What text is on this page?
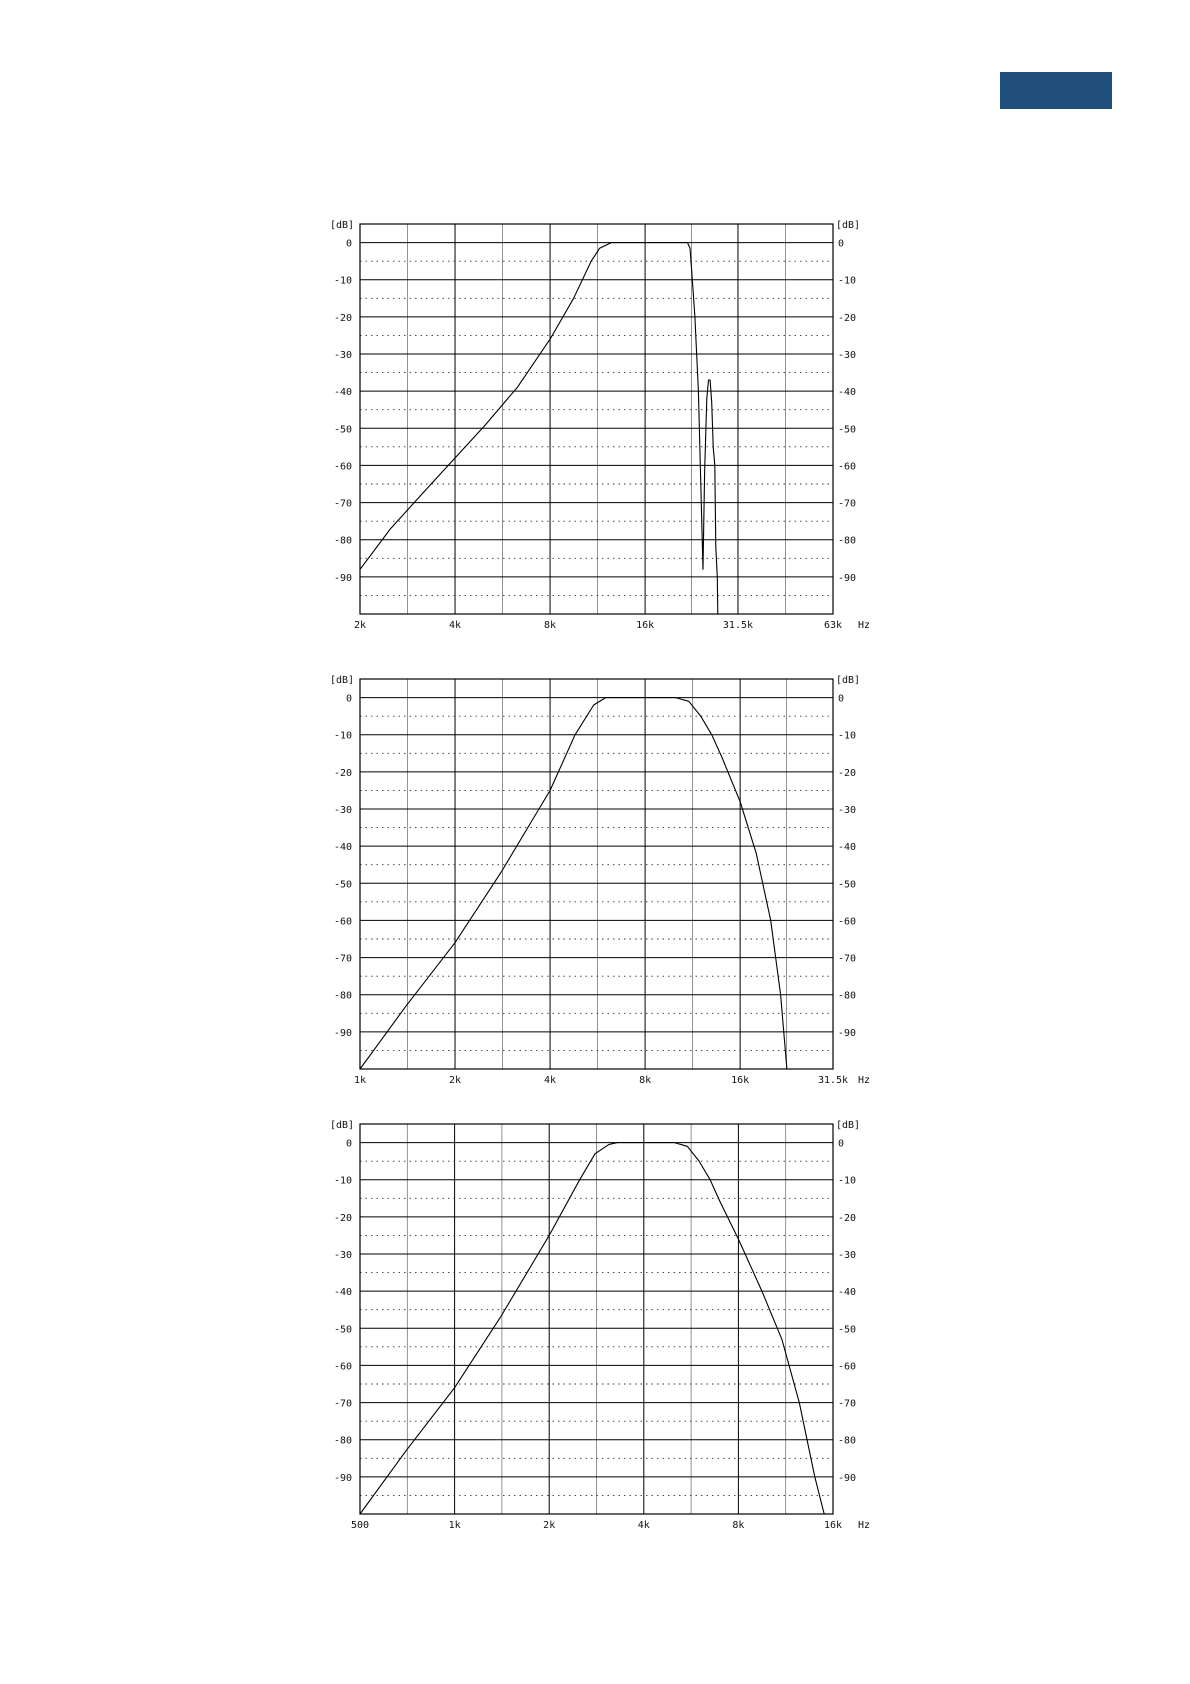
0	0
-10	-10
-20	-20
-30	-30
-40	-40
-50	-50
-60	-60
-70	-70
-80	-80
-90	-90
[dB]	[dB]
2k	4k	8k	16k	31.5k	63k Hz
0	0
-10	-10
-20	-20
-30	-30
-40	-40
-50	-50
-60	-60
-70	-70
-80	-80
-90	-90
[dB]	[dB]
1k	2k	4k	8k	16k	31.5k Hz
0	0
-10	-10
-20	-20
-30	-30
-40	-40
-50	-50
-60	-60
-70	-70
-80	-80
-90	-90
[dB]	[dB]
500	1k	2k	4k	8k	16k Hz
